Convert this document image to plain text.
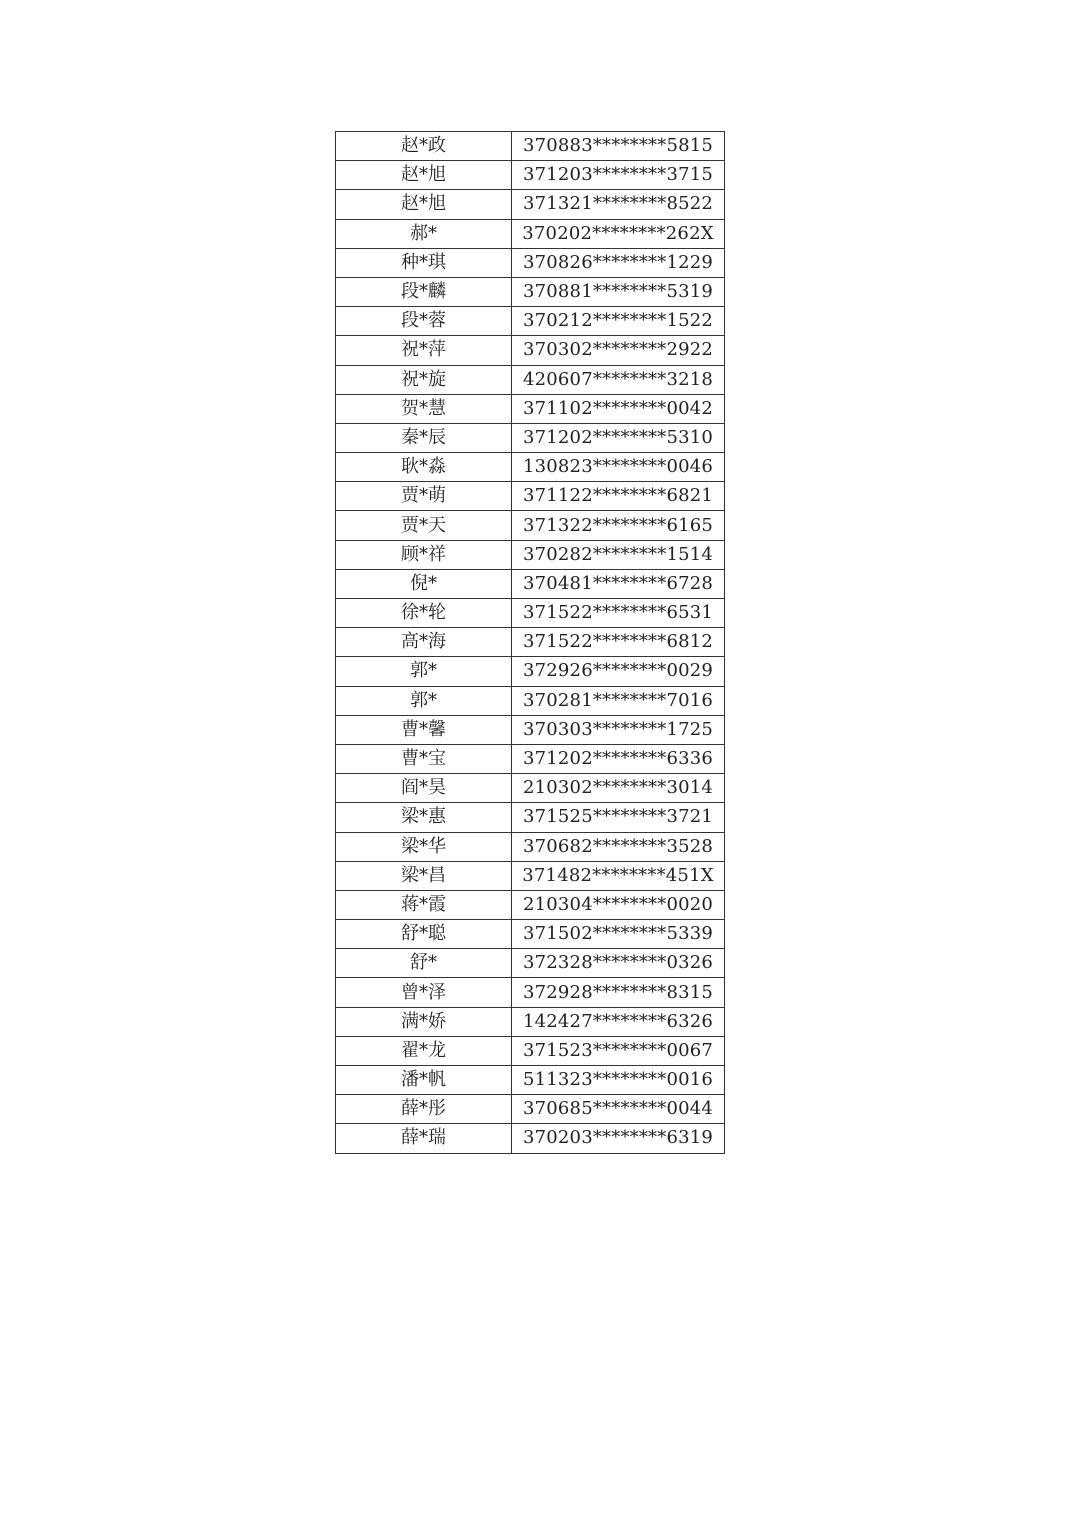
赵*政	370883********5815
赵*旭	371203********3715
赵*旭	371321********8522
郝*	370202********262X
种*琪	370826********1229
段*麟	370881********5319
段*蓉	370212********1522
祝*萍	370302********2922
祝*旋	420607********3218
贺*慧	371102********0042
秦*辰	371202********5310
耿*淼	130823********0046
贾*萌	371122********6821
贾*天	371322********6165
顾*祥	370282********1514
倪*	370481********6728
徐*轮	371522********6531
高*海	371522********6812
郭*	372926********0029
郭*	370281********7016
曹*馨	370303********1725
曹*宝	371202********6336
阎*昊	210302********3014
梁*惠	371525********3721
梁*华	370682********3528
梁*昌	371482********451X
蒋*霞	210304********0020
舒*聪	371502********5339
舒*	372328********0326
曾*泽	372928********8315
满*娇	142427********6326
翟*龙	371523********0067
潘*帆	511323********0016
薛*彤	370685********0044
薛*瑞	370203********6319
